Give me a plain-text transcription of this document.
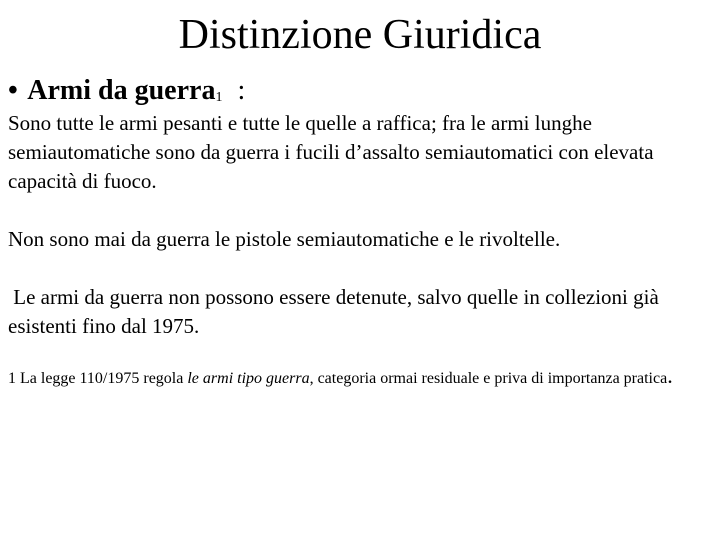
Distinzione Giuridica
• Armi da guerra$_1$ :

Sono tutte le armi pesanti e tutte le quelle a raffica; fra le armi lunghe semiautomatiche sono da guerra i fucili d’assalto semiautomatici con elevata capacità di fuoco.

Non sono mai da guerra le pistole semiautomatiche e le rivoltelle.

Le armi da guerra non possono essere detenute, salvo quelle in collezioni già esistenti fino dal 1975.

1 La legge 110/1975 regola le armi tipo guerra, categoria ormai residuale e priva di importanza pratica.
